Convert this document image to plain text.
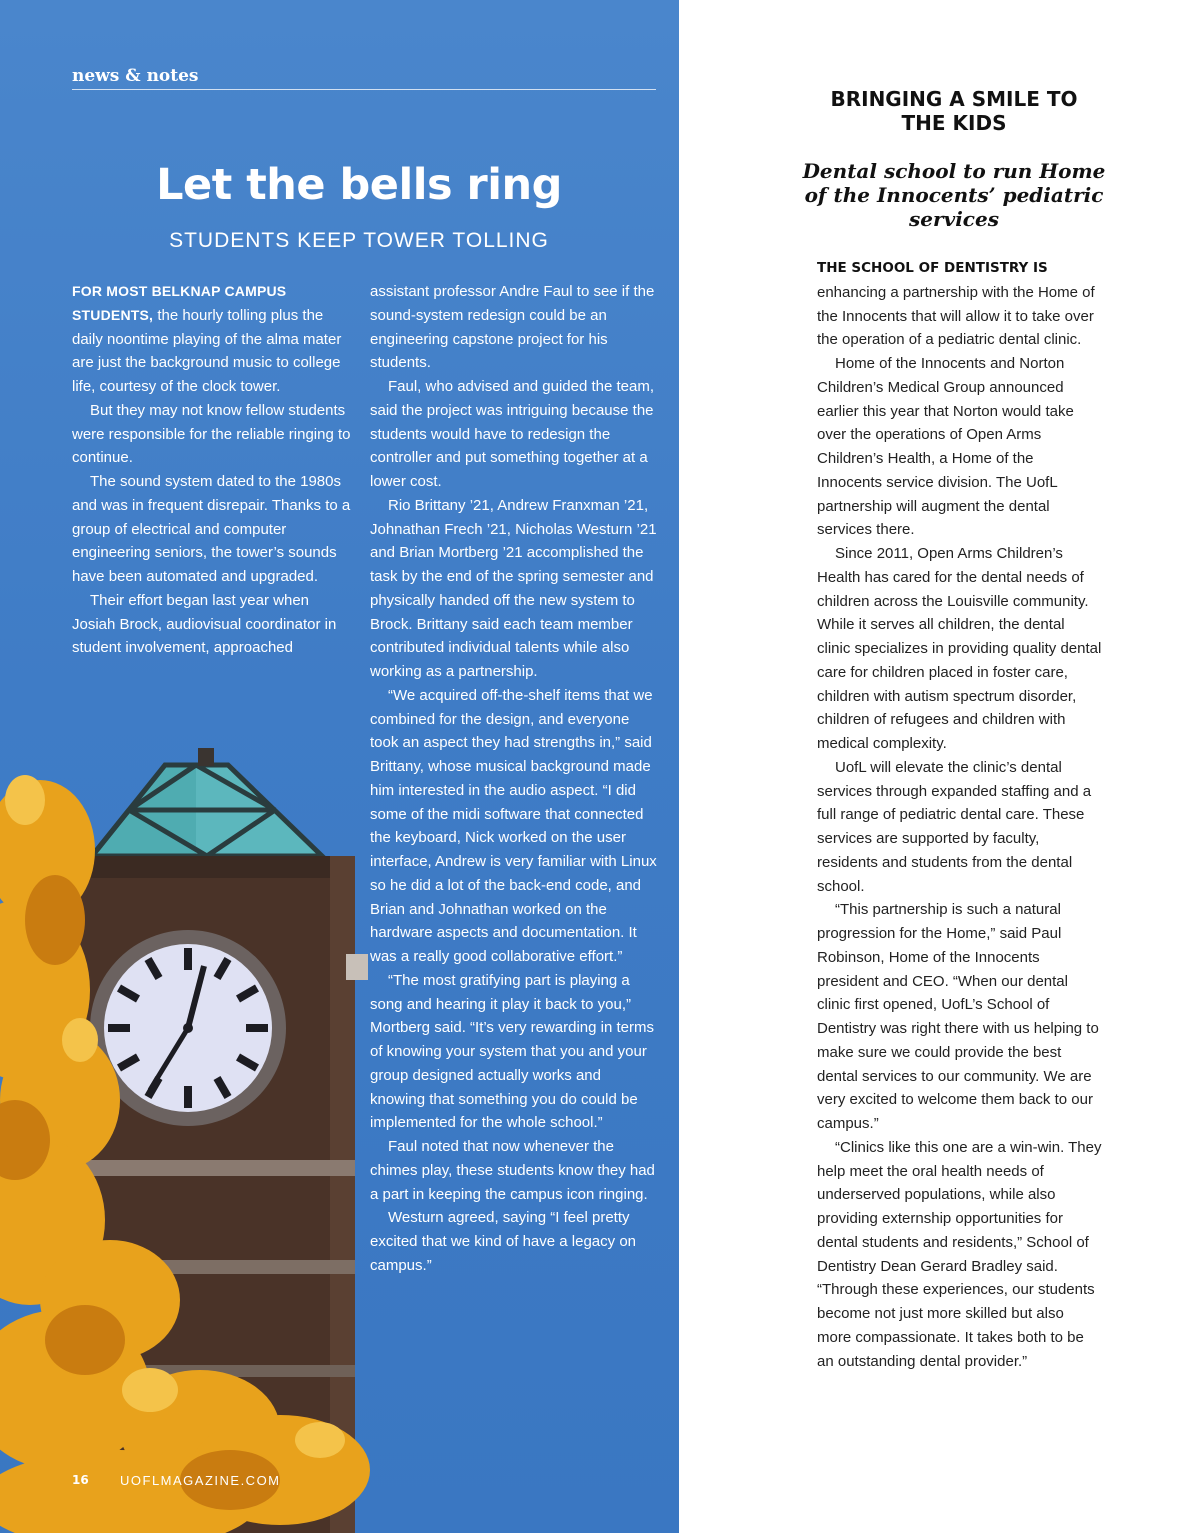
news & notes
Let the bells ring
STUDENTS KEEP TOWER TOLLING

FOR MOST BELKNAP CAMPUS STUDENTS, the hourly tolling plus the daily noontime playing of the alma mater are just the background music to college life, courtesy of the clock tower.

But they may not know fellow students were responsible for the reliable ringing to continue.

The sound system dated to the 1980s and was in frequent disrepair. Thanks to a group of electrical and computer engineering seniors, the tower’s sounds have been automated and upgraded.

Their effort began last year when Josiah Brock, audiovisual coordinator in student involvement, approached

assistant professor Andre Faul to see if the sound-system redesign could be an engineering capstone project for his students.

Faul, who advised and guided the team, said the project was intriguing because the students would have to redesign the controller and put something together at a lower cost.

Rio Brittany ’21, Andrew Franxman ’21, Johnathan Frech ’21, Nicholas Westurn ’21 and Brian Mortberg ’21 accomplished the task by the end of the spring semester and physically handed off the new system to Brock. Brittany said each team member contributed individual talents while also working as a partnership.

“We acquired off-the-shelf items that we combined for the design, and everyone took an aspect they had strengths in,” said Brittany, whose musical background made him interested in the audio aspect. “I did some of the midi software that connected the keyboard, Nick worked on the user interface, Andrew is very familiar with Linux so he did a lot of the back-end code, and Brian and Johnathan worked on the hardware aspects and documentation. It was a really good collaborative effort.”

“The most gratifying part is playing a song and hearing it play it back to you,” Mortberg said. “It’s very rewarding in terms of knowing your system that you and your group designed actually works and knowing that something you do could be implemented for the whole school.”

Faul noted that now whenever the chimes play, these students know they had a part in keeping the campus icon ringing.

Westurn agreed, saying “I feel pretty excited that we kind of have a legacy on campus.”

16 UOFLMAGAZINE.COM
BRINGING A SMILE TO THE KIDS
Dental school to run Home of the Innocents’ pediatric services

THE SCHOOL OF DENTISTRY IS
enhancing a partnership with the Home of the Innocents that will allow it to take over the operation of a pediatric dental clinic.

Home of the Innocents and Norton Children’s Medical Group announced earlier this year that Norton would take over the operations of Open Arms Children’s Health, a Home of the Innocents service division. The UofL partnership will augment the dental services there.

Since 2011, Open Arms Children’s Health has cared for the dental needs of children across the Louisville community. While it serves all children, the dental clinic specializes in providing quality dental care for children placed in foster care, children with autism spectrum disorder, children of refugees and children with medical complexity.

UofL will elevate the clinic’s dental services through expanded staffing and a full range of pediatric dental care. These services are supported by faculty, residents and students from the dental school.

“This partnership is such a natural progression for the Home,” said Paul Robinson, Home of the Innocents president and CEO. “When our dental clinic first opened, UofL’s School of Dentistry was right there with us helping to make sure we could provide the best dental services to our community. We are very excited to welcome them back to our campus.”

“Clinics like this one are a win-win. They help meet the oral health needs of underserved populations, while also providing externship opportunities for dental students and residents,” School of Dentistry Dean Gerard Bradley said. “Through these experiences, our students become not just more skilled but also more compassionate. It takes both to be an outstanding dental provider.”
